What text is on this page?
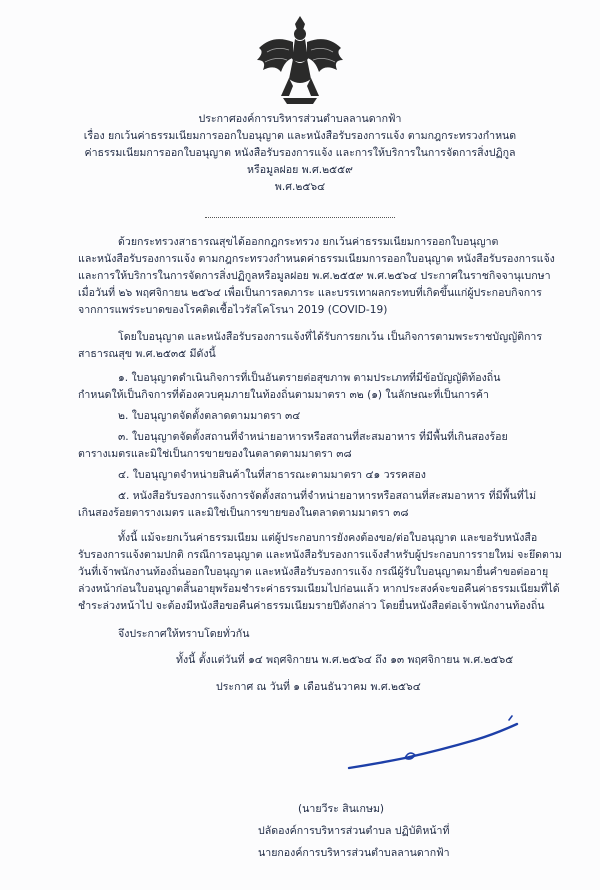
ประกาศองค์การบริหารส่วนตำบลลานดากฟ้า
เรื่อง ยกเว้นค่าธรรมเนียมการออกใบอนุญาต และหนังสือรับรองการแจ้ง ตามกฎกระทรวงกำหนด
ค่าธรรมเนียมการออกใบอนุญาต หนังสือรับรองการแจ้ง และการให้บริการในการจัดการสิ่งปฏิกูล
หรือมูลฝอย พ.ศ.๒๕๕๙
พ.ศ.๒๕๖๔
ด้วยกระทรวงสาธารณสุขได้ออกกฎกระทรวง ยกเว้นค่าธรรมเนียมการออกใบอนุญาต
และหนังสือรับรองการแจ้ง ตามกฎกระทรวงกำหนดค่าธรรมเนียมการออกใบอนุญาต หนังสือรับรองการแจ้ง
และการให้บริการในการจัดการสิ่งปฏิกูลหรือมูลฝอย พ.ศ.๒๕๕๙ พ.ศ.๒๕๖๔ ประกาศในราชกิจจานุเบกษา
เมื่อวันที่ ๒๖ พฤศจิกายน ๒๕๖๔ เพื่อเป็นการลดภาระ และบรรเทาผลกระทบที่เกิดขึ้นแก่ผู้ประกอบกิจการ
จากการแพร่ระบาดของโรคติดเชื้อไวรัสโคโรนา 2019 (COVID-19)
โดยใบอนุญาต และหนังสือรับรองการแจ้งที่ได้รับการยกเว้น เป็นกิจการตามพระราชบัญญัติการ
สาธารณสุข พ.ศ.๒๕๓๕ มีดังนี้
๑. ใบอนุญาตดำเนินกิจการที่เป็นอันตรายต่อสุขภาพ ตามประเภทที่มีข้อบัญญัติท้องถิ่น
กำหนดให้เป็นกิจการที่ต้องควบคุมภายในท้องถิ่นตามมาตรา ๓๒ (๑) ในลักษณะที่เป็นการค้า
๒. ใบอนุญาตจัดตั้งตลาดตามมาตรา ๓๔
๓. ใบอนุญาตจัดตั้งสถานที่จำหน่ายอาหารหรือสถานที่สะสมอาหาร ที่มีพื้นที่เกินสองร้อย
ตารางเมตรและมิใช่เป็นการขายของในตลาดตามมาตรา ๓๘
๔. ใบอนุญาตจำหน่ายสินค้าในที่สาธารณะตามมาตรา ๔๑ วรรคสอง
๕. หนังสือรับรองการแจ้งการจัดตั้งสถานที่จำหน่ายอาหารหรือสถานที่สะสมอาหาร ที่มีพื้นที่ไม่
เกินสองร้อยตารางเมตร และมิใช่เป็นการขายของในตลาดตามมาตรา ๓๘
ทั้งนี้ แม้จะยกเว้นค่าธรรมเนียม แต่ผู้ประกอบการยังคงต้องขอ/ต่อใบอนุญาต และขอรับหนังสือ
รับรองการแจ้งตามปกติ กรณีการอนุญาต และหนังสือรับรองการแจ้งสำหรับผู้ประกอบการรายใหม่ จะยึดตาม
วันที่เจ้าพนักงานท้องถิ่นออกใบอนุญาต และหนังสือรับรองการแจ้ง กรณีผู้รับใบอนุญาตมายื่นคำขอต่ออายุ
ล่วงหน้าก่อนใบอนุญาตสิ้นอายุพร้อมชำระค่าธรรมเนียมไปก่อนแล้ว หากประสงค์จะขอคืนค่าธรรมเนียมที่ได้
ชำระล่วงหน้าไป จะต้องมีหนังสือขอคืนค่าธรรมเนียมรายปีดังกล่าว โดยยื่นหนังสือต่อเจ้าพนักงานท้องถิ่น
จึงประกาศให้ทราบโดยทั่วกัน
ทั้งนี้ ตั้งแต่วันที่ ๑๔ พฤศจิกายน พ.ศ.๒๕๖๔ ถึง ๑๓ พฤศจิกายน พ.ศ.๒๕๖๕
ประกาศ ณ วันที่ ๑ เดือนธันวาคม พ.ศ.๒๕๖๔
(นายวีระ สินเกษม)
ปลัดองค์การบริหารส่วนตำบล ปฏิบัติหน้าที่
นายกองค์การบริหารส่วนตำบลลานดากฟ้า
